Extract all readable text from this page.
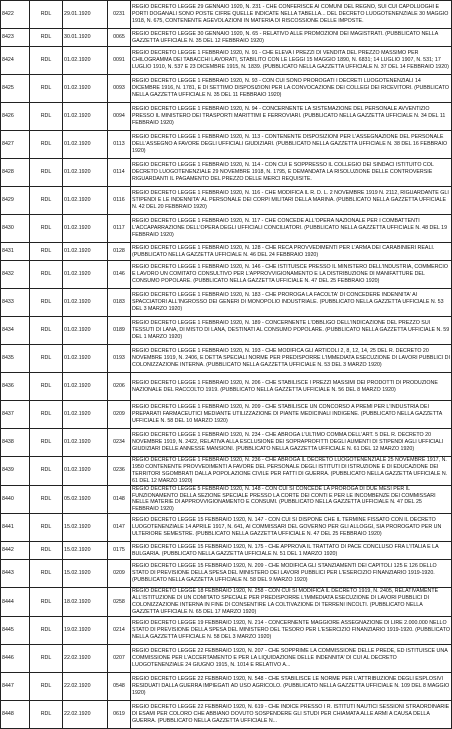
8422	RDL	29.01.1920	0231	REGIO DECRETO LEGGE 29 GENNAIO 1920, N. 231 - CHE CONFERISCE AI COMUNI DEL REGNO, SUI CUI CAPOLUOGHI E PORTI DOGANALI SONO POSTE CIFRE QUELLE INDICATE NELLA TABELLA... DEL DECRETO LUOGOTENENZIALE 30 MAGGIO 1918, N. 675, CONTENENTE AGEVOLAZIONI IN MATERIA DI RISCOSSIONE DELLE IMPOSTE.
8423	RDL	30.01.1920	0065	REGIO DECRETO LEGGE 30 GENNAIO 1920, N. 65 - RELATIVO ALLE PROMOZIONI DEI MAGISTRATI. (PUBBLICATO NELLA GAZZETTA UFFICIALE N. 35 DEL 12 FEBBRAIO 1920)
8424	RDL	01.02.1920	0091	REGIO DECRETO LEGGE 1 FEBBRAIO 1920, N. 91 - CHE ELEVA I PREZZI DI VENDITA DEL PREZZO MASSIMO PER CHILOGRAMMA DEI TABACCHI LAVORATI, STABILITO CON LE LEGGI 15 MAGGIO 1890, N. 6831; 14 LUGLIO 1907, N. 531; 17 LUGLIO 1910, N. 537 E 23 DICEMBRE 1915, N. 1839. (PUBBLICATO NELLA GAZZETTA UFFICIALE N. 37 DEL 14 FEBBRAIO 1920)
8425	RDL	01.02.1920	0093	REGIO DECRETO LEGGE 1 FEBBRAIO 1920, N. 93 - CON CUI SONO PROROGATI I DECRETI LUOGOTENENZIALI 14 DICEMBRE 1916, N. 1781, E DI SETTIMO DISPOSIZIONI PER LA CONVOCAZIONE DEI COLLEGI DEI RICEVITORI. (PUBBLICATO NELLA GAZZETTA UFFICIALE N. 35 DEL 11 FEBBRAIO 1920)
8426	RDL	01.02.1920	0094	REGIO DECRETO LEGGE 1 FEBBRAIO 1920, N. 94 - CONCERNENTE LA SISTEMAZIONE DEL PERSONALE AVVENTIZIO PRESSO IL MINISTERO DEI TRASPORTI MARITTIMI E FERROVIARI. (PUBBLICATO NELLA GAZZETTA UFFICIALE N. 34 DEL 11 FEBBRAIO 1920)
8427	RDL	01.02.1920	0113	REGIO DECRETO LEGGE 1 FEBBRAIO 1920, N. 113 - CONTENENTE DISPOSIZIONI PER L'ASSEGNAZIONE DEL PERSONALE DELL'ASSEGNO A FAVORE DEGLI UFFICIALI GIUDIZIARI. (PUBBLICATO NELLA GAZZETTA UFFICIALE N. 38 DEL 16 FEBBRAIO 1920)
8428	RDL	01.02.1920	0114	REGIO DECRETO LEGGE 1 FEBBRAIO 1920, N. 114 - CON CUI E SOPPRESSO IL COLLEGIO DEI SINDACI ISTITUITO COL DECRETO LUOGOTENENZIALE 29 NOVEMBRE 1918, N. 1795, E DEMANDATA LA RISOLUZIONE DELLE CONTROVERSIE RIGUARDANTI IL PAGAMENTO DEL PREZZO DELLE MERCI REQUISITE.
8429	RDL	01.02.1920	0116	REGIO DECRETO LEGGE 1 FEBBRAIO 1920, N. 116 - CHE MODIFICA IL R. D. L. 2 NOVEMBRE 1919 N. 2112, RIGUARDANTE GLI STIPENDI E LE INDENNITA' AL PERSONALE DEI CORPI MILITARI DELLA MARINA. (PUBBLICATO NELLA GAZZETTA UFFICIALE N. 42 DEL 20 FEBBRAIO 1920)
8430	RDL	01.02.1920	0117	REGIO DECRETO LEGGE 1 FEBBRAIO 1920, N. 117 - CHE CONCEDE ALL'OPERA NAZIONALE PER I COMBATTENTI L'ACCAPARRAZIONE DELL'OPERA DEGLI UFFICIALI CONCILIATORI. (PUBBLICATO NELLA GAZZETTA UFFICIALE N. 48 DEL 19 FEBBRAIO 1920)
8431	RDL	01.02.1920	0128	REGIO DECRETO LEGGE 1 FEBBRAIO 1920, N. 128 - CHE RECA PROVVEDIMENTI PER L'ARMA DEI CARABINIERI REALI. (PUBBLICATO NELLA GAZZETTA UFFICIALE N. 46 DEL 24 FEBBRAIO 1920)
8432	RDL	01.02.1920	0146	REGIO DECRETO LEGGE 1 FEBBRAIO 1920, N. 146 - CHE ISTITUISCE PRESSO IL MINISTERO DELL'INDUSTRIA, COMMERCIO E LAVORO UN COMITATO CONSULTIVO PER L'APPROVVIGIONAMENTO E LA DISTRIBUZIONE DI MANIFATTURE DEL CONSUMO POPOLARE. (PUBBLICATO NELLA GAZZETTA UFFICIALE N. 47 DEL 25 FEBBRAIO 1920)
8433	RDL	01.02.1920	0183	REGIO DECRETO LEGGE 1 FEBBRAIO 1920, N. 183 - CHE PROROGA LA FACOLTA' DI CONCEDERE INDENNITA' AI SPACCIATORI ALL'INGROSSO DEI GENERI DI MONOPOLIO INDUSTRIALE. (PUBBLICATO NELLA GAZZETTA UFFICIALE N. 53 DEL 3 MARZO 1920)
8434	RDL	01.02.1920	0189	REGIO DECRETO LEGGE 1 FEBBRAIO 1920, N. 189 - CONCERNENTE L'OBBLIGO DELL'INDICAZIONE DEL PREZZO SUI TESSUTI DI LANA, DI MISTO DI LANA, DESTINATI AL CONSUMO POPOLARE. (PUBBLICATO NELLA GAZZETTA UFFICIALE N. 59 DEL 1 MARZO 1920)
8435	RDL	01.02.1920	0193	REGIO DECRETO LEGGE 1 FEBBRAIO 1920, N. 193 - CHE MODIFICA GLI ARTICOLI 2, 8, 12, 14, 25 DEL R. DECRETO 20 NOVEMBRE 1919, N. 2406, E DETTA SPECIALI NORME PER PREDISPORRE L'IMMEDIATA ESECUZIONE DI LAVORI PUBBLICI DI COLONIZZAZIONE INTERNA. (PUBBLICATO NELLA GAZZETTA UFFICIALE N. 53 DEL 3 MARZO 1920)
8436	RDL	01.02.1920	0206	REGIO DECRETO LEGGE 1 FEBBRAIO 1920, N. 206 - CHE STABILISCE I PREZZI MASSIMI DEI PRODOTTI DI PRODUZIONE NAZIONALE DEL RACCOLTO 1919. (PUBBLICATO NELLA GAZZETTA UFFICIALE N. 56 DEL 8 MARZO 1920)
8437	RDL	01.02.1920	0209	REGIO DECRETO LEGGE 1 FEBBRAIO 1920, N. 209 - CHE STABILISCE UN CONCORSO A PREMI PER L'INDUSTRIA DEI PREPARATI FARMACEUTICI MEDIANTE UTILIZZAZIONE DI PIANTE MEDICINALI INDIGENE. (PUBBLICATO NELLA GAZZETTA UFFICIALE N. 58 DEL 10 MARZO 1920)
8438	RDL	01.02.1920	0234	REGIO DECRETO LEGGE 1 FEBBRAIO 1920, N. 234 - CHE ABROGA L'ULTIMO COMMA DELL'ART. 5 DEL R. DECRETO 20 NOVEMBRE 1919, N. 2422, RELATIVA ALLA ESCLUSIONE DEI SOPRAPROFITTI DEGLI AUMENTI DI STIPENDI AGLI UFFICIALI GIUDIZIARI DELLE ANNESSE MANSIONI. (PUBBLICATO NELLA GAZZETTA UFFICIALE N. 61 DEL 12 MARZO 1920)
8439	RDL	01.02.1920	0236	REGIO DECRETO LEGGE 1 FEBBRAIO 1920, N. 236 - CHE ABROGA IL DECRETO LUOGOTENENZIALE 25 NOVEMBRE 1917, N. 1950 CONTENENTE PROVVEDIMENTI A FAVORE DEL PERSONALE DEGLI ISTITUTI DI ISTRUZIONE E DI EDUCAZIONE DEI TERRITORI SGOMBRATI DALLA POPOLAZIONE CIVILE PER FATTI DI GUERRA. (PUBBLICATO NELLA GAZZETTA UFFICIALE N. 61 DEL 12 MARZO 1920)
8440	RDL	05.02.1920	0148	REGIO DECRETO LEGGE 5 FEBBRAIO 1920, N. 148 - CON CUI SI CONCEDE LA PROROGA DI DUE MESI PER IL FUNZIONAMENTO DELLA SEZIONE SPECIALE PRESSO LA CORTE DEI CONTI E PER LE INCOMBENZE DEI COMMISSARI NELLE MATERIE DI APPROVVIGIONAMENTO E CONSUMI. (PUBBLICATO NELLA GAZZETTA UFFICIALE N. 47 DEL 25 FEBBRAIO 1920)
8441	RDL	15.02.1920	0147	REGIO DECRETO LEGGE 15 FEBBRAIO 1920, N. 147 - CON CUI SI DISPONE CHE IL TERMINE FISSATO CON IL DECRETO LUOGOTENENZIALE 14 APRILE 1917, N. 641, AI COMMISSARI DEL GOVERNO PER GLI ALLOGGI, SIA PROROGATO PER UN ULTERIORE SEMESTRE. (PUBBLICATO NELLA GAZZETTA UFFICIALE N. 47 DEL 25 FEBBRAIO 1920)
8442	RDL	15.02.1920	0175	REGIO DECRETO LEGGE 15 FEBBRAIO 1920, N. 175 - CHE APPROVA IL TRATTATO DI PACE CONCLUSO FRA L'ITALIA E LA BULGARIA. (PUBBLICATO NELLA GAZZETTA UFFICIALE N. 51 DEL 1 MARZO 1920)
8443	RDL	15.02.1920	0209	REGIO DECRETO LEGGE 15 FEBBRAIO 1920, N. 209 - CHE MODIFICA GLI STANZIAMENTI DEI CAPITOLI 125 E 126 DELLO STATO DI PREVISIONE DELLA SPESA DEL MINISTERO DEI LAVORI PUBBLICI PER L'ESERCIZIO FINANZIARIO 1919-1920. (PUBBLICATO NELLA GAZZETTA UFFICIALE N. 58 DEL 9 MARZO 1920)
8444	RDL	18.02.1920	0258	REGIO DECRETO LEGGE 18 FEBBRAIO 1920, N. 258 - CON CUI SI MODIFICA IL DECRETO 1919, N. 2405, RELATIVAMENTE ALL'ISTITUZIONE DI UN COMITATO SPECIALE PER PREDISPORRE L'IMMEDIATA ESECUZIONE DI LAVORI PUBBLICI DI COLONIZZAZIONE INTERNA IN FINE DI CONSENTIRE LA COLTIVAZIONE DI TERRENI INCOLTI. (PUBBLICATO NELLA GAZZETTA UFFICIALE N. 65 DEL 17 MARZO 1920)
8445	RDL	19.02.1920	0214	REGIO DECRETO LEGGE 19 FEBBRAIO 1920, N. 214 - CONCERNENTE MAGGIORE ASSEGNAZIONE DI LIRE 2.000.000 NELLO STATO DI PREVISIONE DELLA SPESA DEL MINISTERO DEL TESORO PER L'ESERCIZIO FINANZIARIO 1919-1920. (PUBBLICATO NELLA GAZZETTA UFFICIALE N. 58 DEL 3 MARZO 1920)
8446	RDL	22.02.1920	0207	REGIO DECRETO LEGGE 22 FEBBRAIO 1920, N. 207 - CHE SOPPRIME LA COMMISSIONE DELLE PREDE, ED ISTITUISCE UNA COMMISSIONE PER L'ACCERTAMENTO E PER LA LIQUIDAZIONE DELLE INDENNITA' DI CUI AL DECRETO LUOGOTENENZIALE 24 GIUGNO 1915, N. 1014 E RELATIVO A...
8447	RDL	22.02.1920	0548	REGIO DECRETO LEGGE 22 FEBBRAIO 1920, N. 548 - CHE STABILISCE LE NORME PER L'ATTRIBUZIONE DEGLI ESPLOSIVI RESIDUATI DALLA GUERRA IMPIEGATI AD USO AGRICOLO. (PUBBLICATO NELLA GAZZETTA UFFICIALE N. 109 DEL 8 MAGGIO 1920)
8448	RDL	22.02.1920	0619	REGIO DECRETO LEGGE 22 FEBBRAIO 1920, N. 619 - CHE INDICE PRESSO I R. ISTITUTI NAUTICI SESSIONI STRAORDINARIE DI ESAMI PER COLORO CHE ABBIANO DOVUTO SOSPENDERE GLI STUDI PER CHIAMATA ALLE ARMI A CAUSA DELLA GUERRA. (PUBBLICATO NELLA GAZZETTA UFFICIALE N...
